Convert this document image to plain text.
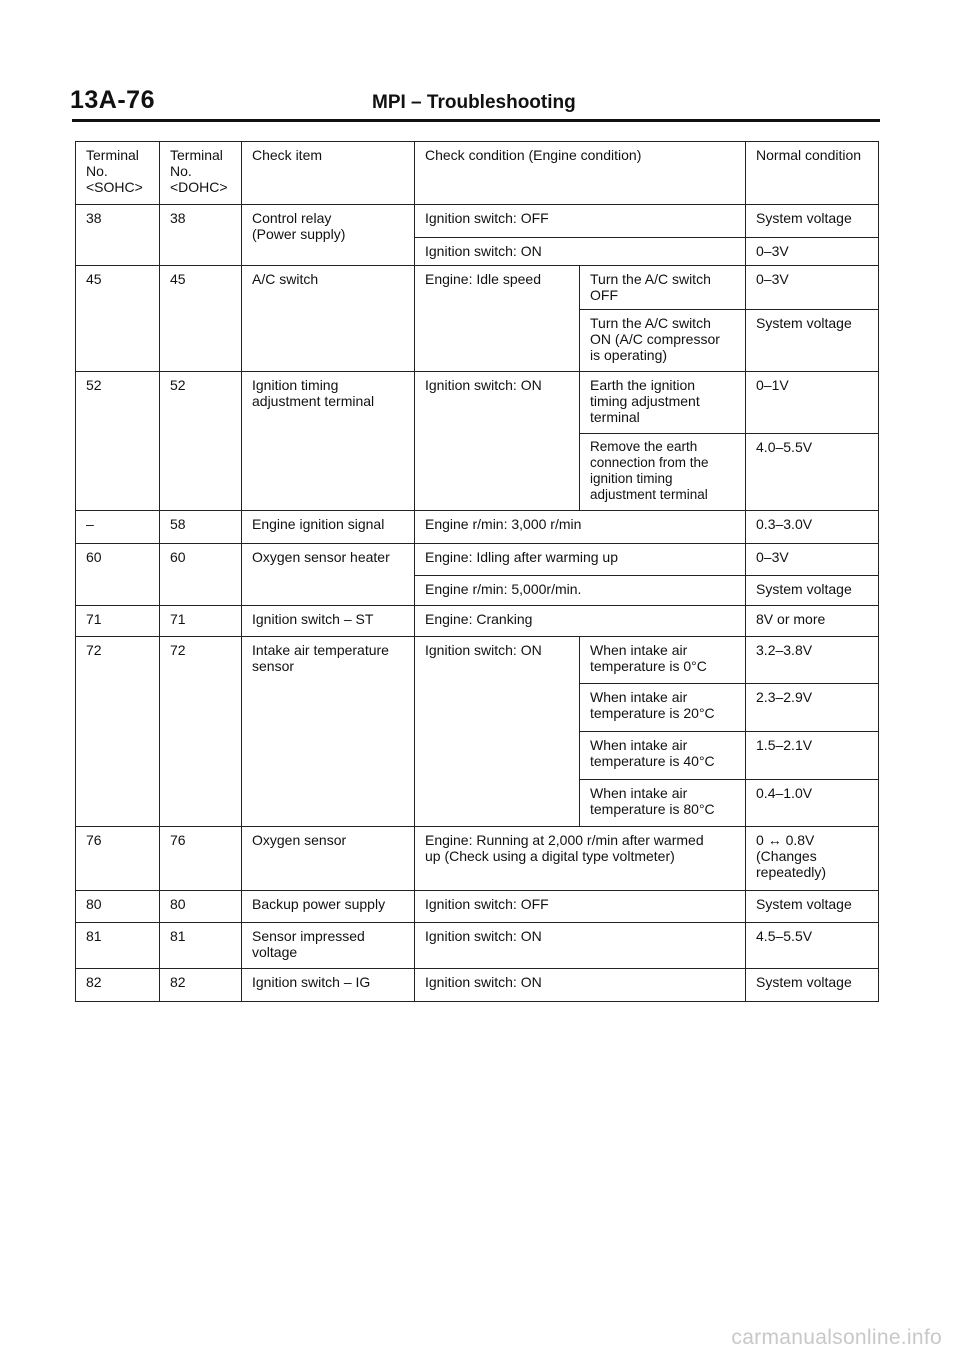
13A-76	MPI – Troubleshooting
Terminal
No.
<SOHC>	Terminal
No.
<DOHC>	Check item	Check condition (Engine condition)		Normal condition
38	38	Control relay
(Power supply)	Ignition switch: OFF		System voltage
			Ignition switch: ON		0–3V
45	45	A/C switch	Engine: Idle speed	Turn the A/C switch
OFF	0–3V
				Turn the A/C switch
ON (A/C compressor
is operating)	System voltage
52	52	Ignition timing
adjustment terminal	Ignition switch: ON	Earth the ignition
timing adjustment
terminal	0–1V
				Remove the earth
connection from the
ignition timing
adjustment terminal	4.0–5.5V
–	58	Engine ignition signal	Engine r/min: 3,000 r/min		0.3–3.0V
60	60	Oxygen sensor heater	Engine: Idling after warming up		0–3V
			Engine r/min: 5,000r/min.		System voltage
71	71	Ignition switch – ST	Engine: Cranking		8V or more
72	72	Intake air temperature
sensor	Ignition switch: ON	When intake air
temperature is 0°C	3.2–3.8V
				When intake air
temperature is 20°C	2.3–2.9V
				When intake air
temperature is 40°C	1.5–2.1V
				When intake air
temperature is 80°C	0.4–1.0V
76	76	Oxygen sensor	Engine: Running at 2,000 r/min after warmed
up (Check using a digital type voltmeter)		0 ↔ 0.8V
(Changes
repeatedly)
80	80	Backup power supply	Ignition switch: OFF		System voltage
81	81	Sensor impressed
voltage	Ignition switch: ON		4.5–5.5V
82	82	Ignition switch – IG	Ignition switch: ON		System voltage
carmanualsonline.info
